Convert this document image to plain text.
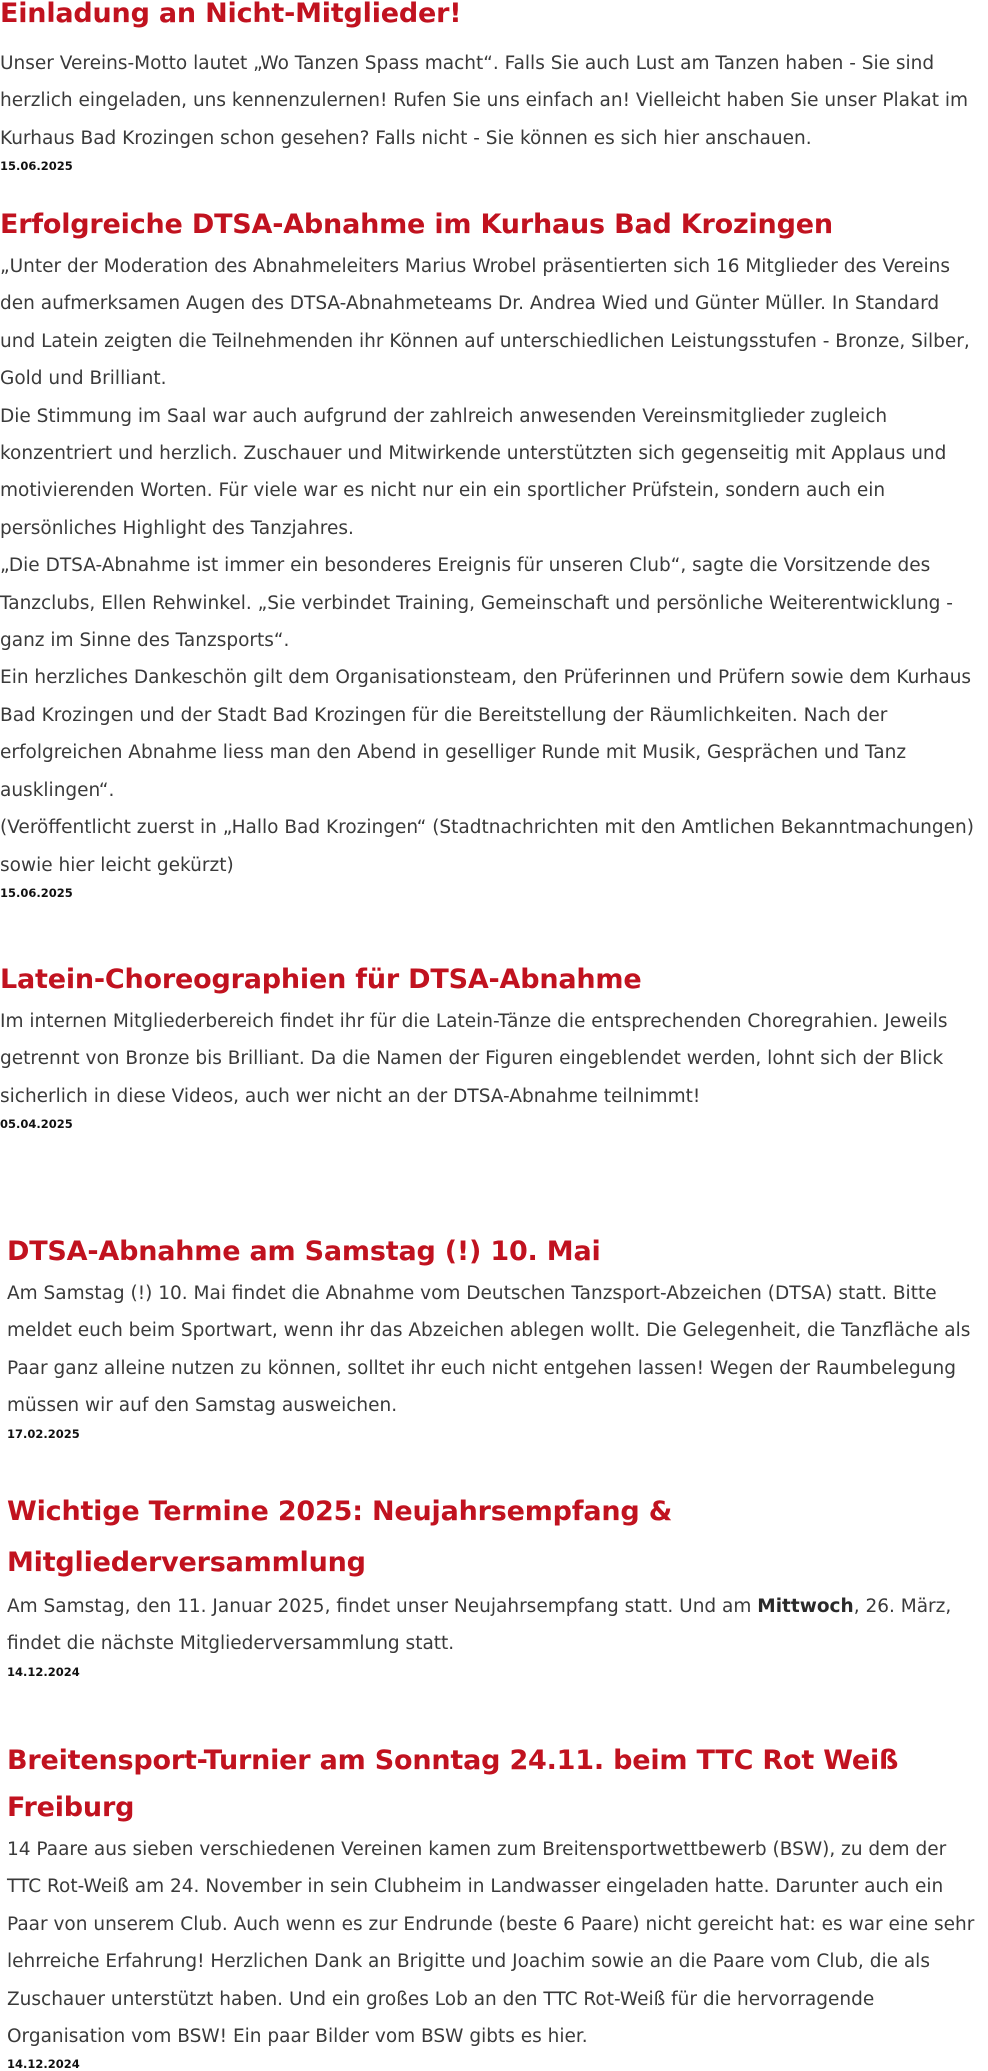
Einladung an Nicht-Mitglieder!

Unser Vereins-Motto lautet „Wo Tanzen Spass macht“. Falls Sie auch Lust am Tanzen haben - Sie sind herzlich eingeladen, uns kennenzulernen! Rufen Sie uns einfach an! Vielleicht haben Sie unser Plakat im Kurhaus Bad Krozingen schon gesehen? Falls nicht - Sie können es sich hier anschauen.

15.06.2025
Erfolgreiche DTSA-Abnahme im Kurhaus Bad Krozingen

„Unter der Moderation des Abnahmeleiters Marius Wrobel präsentierten sich 16 Mitglieder des Vereins den aufmerksamen Augen des DTSA-Abnahmeteams Dr. Andrea Wied und Günter Müller. In Standard und Latein zeigten die Teilnehmenden ihr Können auf unterschiedlichen Leistungsstufen - Bronze, Silber, Gold und Brilliant.

Die Stimmung im Saal war auch aufgrund der zahlreich anwesenden Vereinsmitglieder zugleich konzentriert und herzlich. Zuschauer und Mitwirkende unterstützten sich gegenseitig mit Applaus und motivierenden Worten. Für viele war es nicht nur ein ein sportlicher Prüfstein, sondern auch ein persönliches Highlight des Tanzjahres.

„Die DTSA-Abnahme ist immer ein besonderes Ereignis für unseren Club“, sagte die Vorsitzende des Tanzclubs, Ellen Rehwinkel. „Sie verbindet Training, Gemeinschaft und persönliche Weiterentwicklung - ganz im Sinne des Tanzsports“.

Ein herzliches Dankeschön gilt dem Organisationsteam, den Prüferinnen und Prüfern sowie dem Kurhaus Bad Krozingen und der Stadt Bad Krozingen für die Bereitstellung der Räumlichkeiten. Nach der erfolgreichen Abnahme liess man den Abend in geselliger Runde mit Musik, Gesprächen und Tanz ausklingen“.

(Veröffentlicht zuerst in „Hallo Bad Krozingen“ (Stadtnachrichten mit den Amtlichen Bekanntmachungen) sowie hier leicht gekürzt)

15.06.2025
Latein-Choreographien für DTSA-Abnahme

Im internen Mitgliederbereich findet ihr für die Latein-Tänze die entsprechenden Choregrahien. Jeweils getrennt von Bronze bis Brilliant. Da die Namen der Figuren eingeblendet werden, lohnt sich der Blick sicherlich in diese Videos, auch wer nicht an der DTSA-Abnahme teilnimmt!

05.04.2025
DTSA-Abnahme am Samstag (!) 10. Mai

Am Samstag (!) 10. Mai findet die Abnahme vom Deutschen Tanzsport-Abzeichen (DTSA) statt. Bitte meldet euch beim Sportwart, wenn ihr das Abzeichen ablegen wollt. Die Gelegenheit, die Tanzfläche als Paar ganz alleine nutzen zu können, solltet ihr euch nicht entgehen lassen! Wegen der Raumbelegung müssen wir auf den Samstag ausweichen.

17.02.2025
Wichtige Termine 2025: Neujahrsempfang & Mitgliederversammlung

Am Samstag, den 11. Januar 2025, findet unser Neujahrsempfang statt. Und am Mittwoch, 26. März, findet die nächste Mitgliederversammlung statt.

14.12.2024
Breitensport-Turnier am Sonntag 24.11. beim TTC Rot Weiß Freiburg

14 Paare aus sieben verschiedenen Vereinen kamen zum Breitensportwettbewerb (BSW), zu dem der TTC Rot-Weiß am 24. November in sein Clubheim in Landwasser eingeladen hatte. Darunter auch ein Paar von unserem Club. Auch wenn es zur Endrunde (beste 6 Paare) nicht gereicht hat: es war eine sehr lehrreiche Erfahrung! Herzlichen Dank an Brigitte und Joachim sowie an die Paare vom Club, die als Zuschauer unterstützt haben. Und ein großes Lob an den TTC Rot-Weiß für die hervorragende Organisation vom BSW! Ein paar Bilder vom BSW gibts es hier.

14.12.2024
